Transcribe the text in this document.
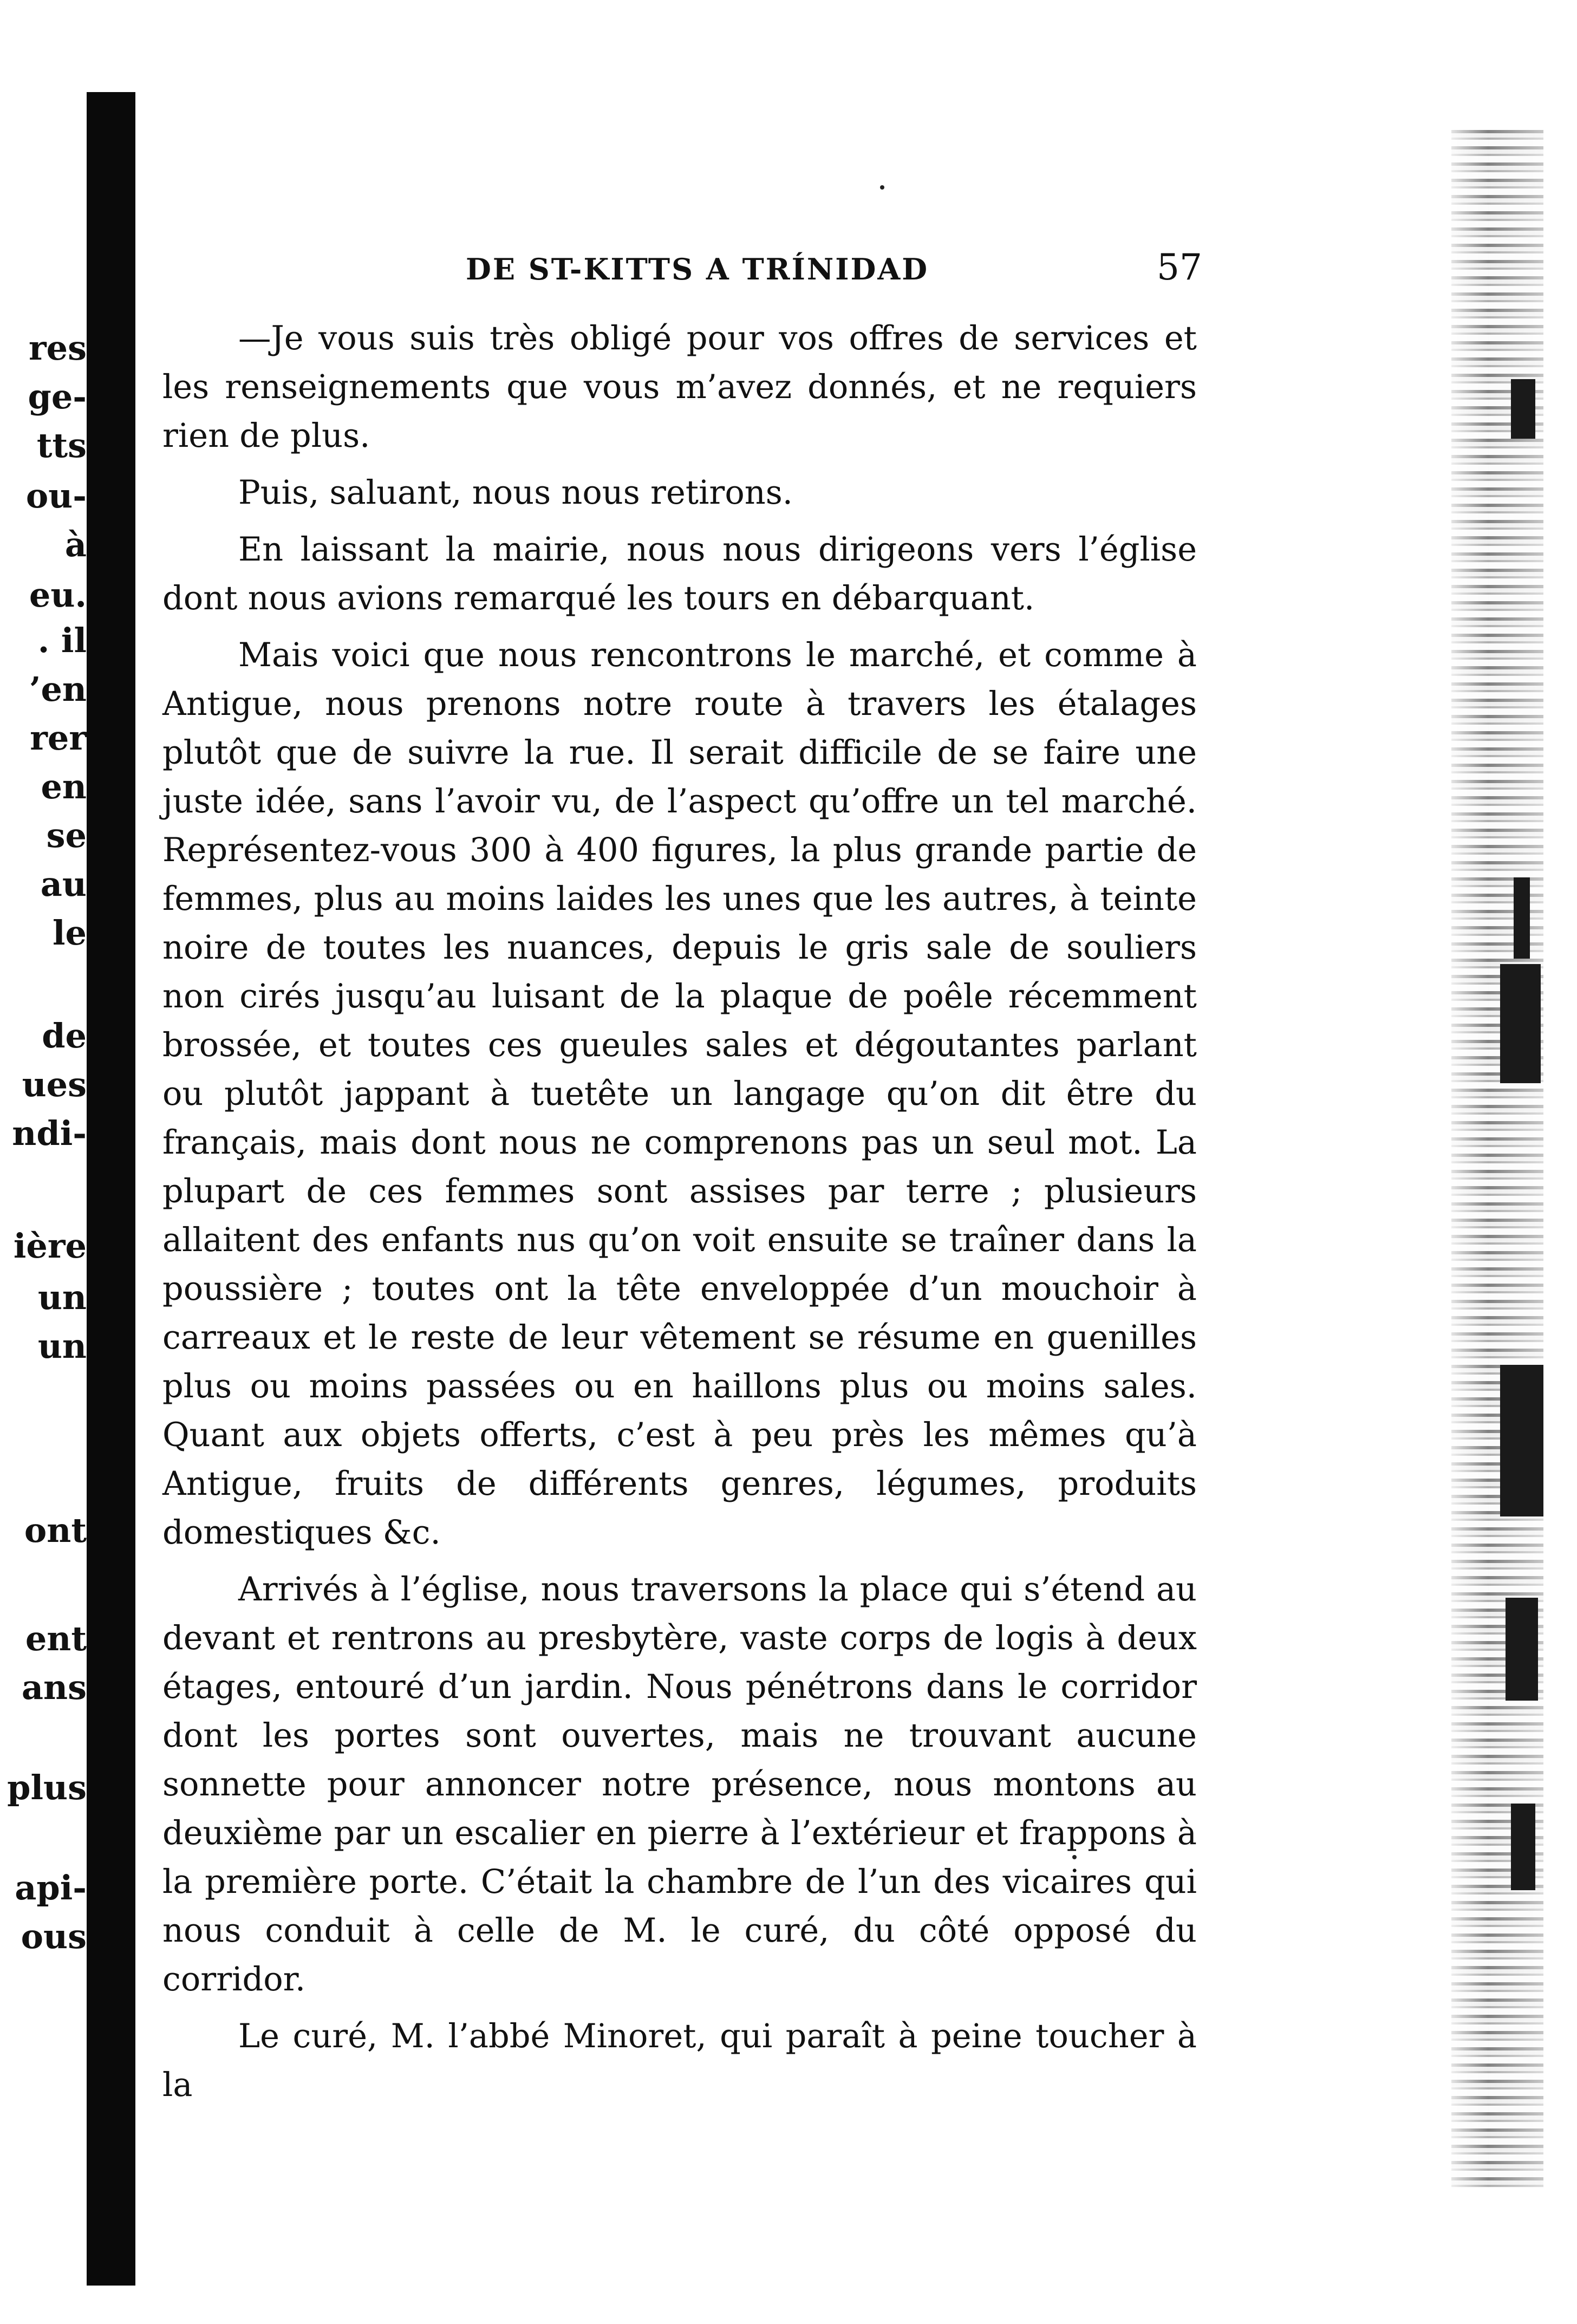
res
ge-
tts
ou-
à
eu.
. il
’en
rer
en
se
au
le
de
ues
ndi-
ière
un
un
ont
ent
ans
plus
api-
ous
DE ST-KITTS A TRÍNIDAD	57

—Je vous suis très obligé pour vos offres de services et les renseignements que vous m’avez donnés, et ne requiers rien de plus.

Puis, saluant, nous nous retirons.

En laissant la mairie, nous nous dirigeons vers l’église dont nous avions remarqué les tours en débarquant.

Mais voici que nous rencontrons le marché, et comme à Antigue, nous prenons notre route à travers les étalages plutôt que de suivre la rue. Il serait difficile de se faire une juste idée, sans l’avoir vu, de l’aspect qu’offre un tel marché. Représentez-vous 300 à 400 figures, la plus grande partie de femmes, plus au moins laides les unes que les autres, à teinte noire de toutes les nuances, depuis le gris sale de souliers non cirés jusqu’au luisant de la plaque de poêle récemment brossée, et toutes ces gueules sales et dégoutantes parlant ou plutôt jappant à tuetête un langage qu’on dit être du français, mais dont nous ne comprenons pas un seul mot. La plupart de ces femmes sont assises par terre ; plusieurs allaitent des enfants nus qu’on voit ensuite se traîner dans la poussière ; toutes ont la tête enveloppée d’un mouchoir à carreaux et le reste de leur vêtement se résume en guenilles plus ou moins passées ou en haillons plus ou moins sales. Quant aux objets offerts, c’est à peu près les mêmes qu’à Antigue, fruits de différents genres, légumes, produits domestiques &c.

Arrivés à l’église, nous traversons la place qui s’étend au devant et rentrons au presbytère, vaste corps de logis à deux étages, entouré d’un jardin. Nous pénétrons dans le corridor dont les portes sont ouvertes, mais ne trouvant aucune sonnette pour annoncer notre présence, nous montons au deuxième par un escalier en pierre à l’extérieur et frappons à la première porte. C’était la chambre de l’un des vicaires qui nous conduit à celle de M. le curé, du côté opposé du corridor.

Le curé, M. l’abbé Minoret, qui paraît à peine toucher à la
